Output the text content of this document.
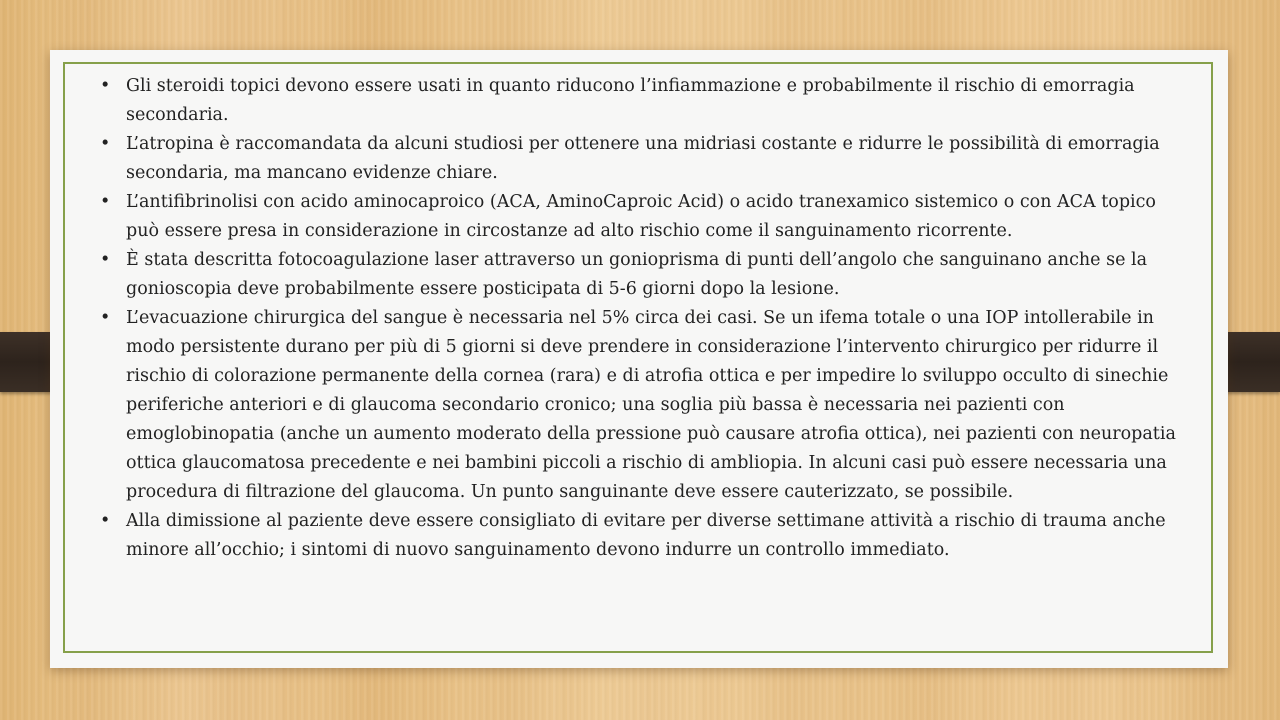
• Gli steroidi topici devono essere usati in quanto riducono l’infiammazione e probabilmente il rischio di emorragia secondaria.
• L’atropina è raccomandata da alcuni studiosi per ottenere una midriasi costante e ridurre le possibilità di emorragia secondaria, ma mancano evidenze chiare.
• L’antifibrinolisi con acido aminocaproico (ACA, AminoCaproic Acid) o acido tranexamico sistemico o con ACA topico può essere presa in considerazione in circostanze ad alto rischio come il sanguinamento ricorrente.
• È stata descritta fotocoagulazione laser attraverso un gonioprisma di punti dell’angolo che sanguinano anche se la gonioscopia deve probabilmente essere posticipata di 5-6 giorni dopo la lesione.
• L’evacuazione chirurgica del sangue è necessaria nel 5% circa dei casi. Se un ifema totale o una IOP intollerabile in modo persistente durano per più di 5 giorni si deve prendere in considerazione l’intervento chirurgico per ridurre il rischio di colorazione permanente della cornea (rara) e di atrofia ottica e per impedire lo sviluppo occulto di sinechie periferiche anteriori e di glaucoma secondario cronico; una soglia più bassa è necessaria nei pazienti con emoglobinopatia (anche un aumento moderato della pressione può causare atrofia ottica), nei pazienti con neuropatia ottica glaucomatosa precedente e nei bambini piccoli a rischio di ambliopia. In alcuni casi può essere necessaria una procedura di filtrazione del glaucoma. Un punto sanguinante deve essere cauterizzato, se possibile.
• Alla dimissione al paziente deve essere consigliato di evitare per diverse settimane attività a rischio di trauma anche minore all’occhio; i sintomi di nuovo sanguinamento devono indurre un controllo immediato.
